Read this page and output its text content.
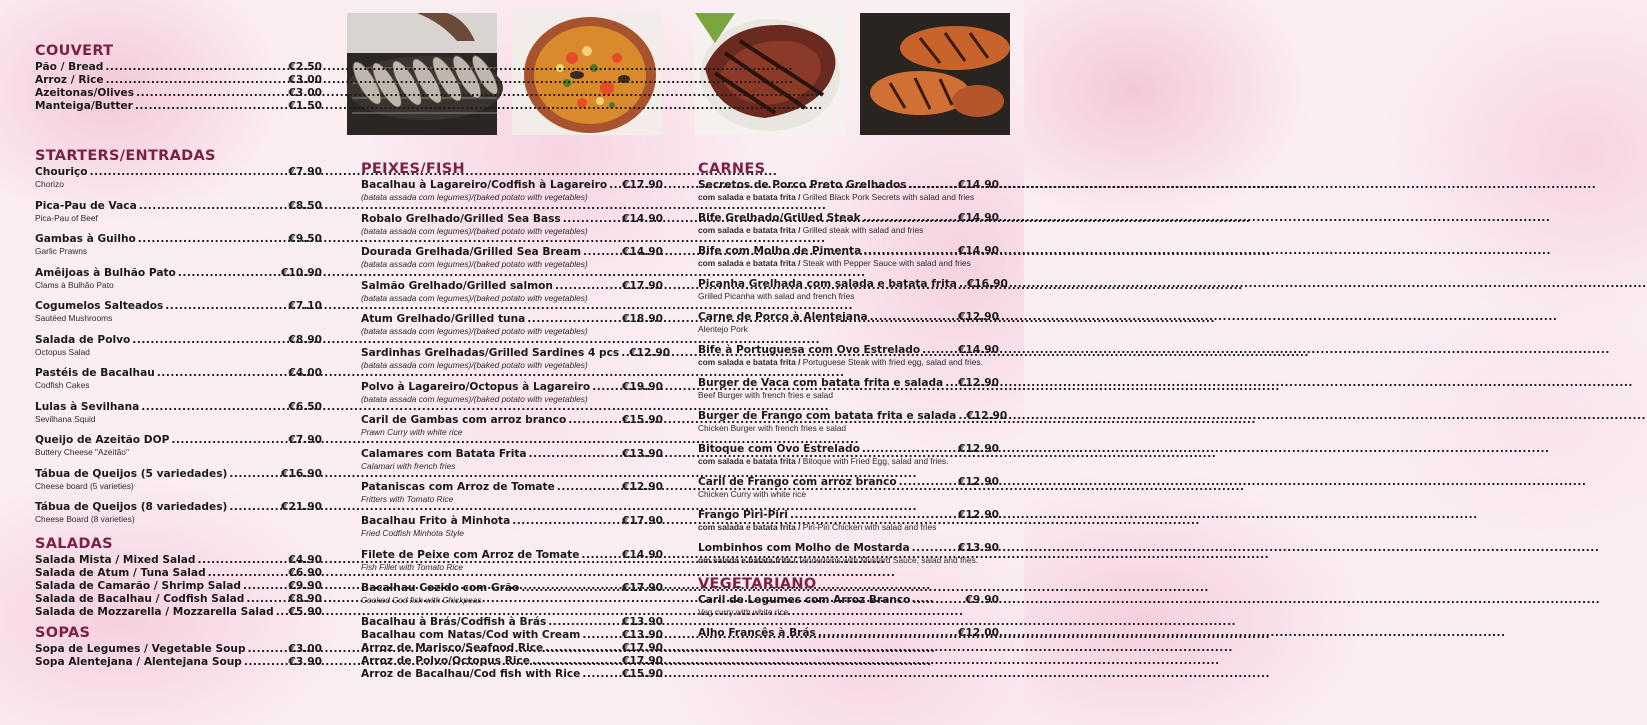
COUVERT
Pão / Bread .....	€2.50
Arroz / Rice .....	€3.00
Azeitonas/Olives .....	€3.00
Manteiga/Butter .....	€1.50
STARTERS/ENTRADAS
Chouriço .....	€7.90
Chorizo
Pica-Pau de Vaca .....	€8.50
Pica-Pau of Beef
Gambas à Guilho .....	€9.50
Garlic Prawns
Amêijoas à Bulhão Pato .....	€10.90
Clams à Bulhão Pato
Cogumelos Salteados .....	€7.10
Sautéed Mushrooms
Salada de Polvo .....	€8.90
Octopus Salad
Pastéis de Bacalhau .....	€4.00
Codfish Cakes
Lulas à Sevilhana .....	€6.50
Sevilhana Squid
Queijo de Azeitão DOP .....	€7.90
Buttery Cheese "Azeitão"
Tábua de Queijos (5 variedades) .....	€16.90
Cheese board (5 varieties)
Tábua de Queijos (8 variedades) .....	€21.90
Cheese Board (8 varieties)
SALADAS
Salada Mista / Mixed Salad .....	€4.90
Salada de Atum / Tuna Salad .....	€6.90
Salada de Camarão / Shrimp Salad .....	€9.90
Salada de Bacalhau / Codfish Salad .....	€8.90
Salada de Mozzarella / Mozzarella Salad ..... €5.90
SOPAS
Sopa de Legumes / Vegetable Soup .....	€3.00
Sopa Alentejana / Alentejana Soup .....	€3.90
PEIXES/FISH
Bacalhau à Lagareiro/Codfish à Lagareiro ..... €17.90
(batata assada com legumes)/(baked potato with vegetables)
Robalo Grelhado/Grilled Sea Bass .....	€14.90
(batata assada com legumes)/(baked potato with vegetables)
Dourada Grelhada/Grilled Sea Bream .....	€14.90
(batata assada com legumes)/(baked potato with vegetables)
Salmão Grelhado/Grilled salmon .....	€17.90
(batata assada com legumes)/(baked potato with vegetables)
Atum Grelhado/Grilled tuna .....	€18.90
(batata assada com legumes)/(baked potato with vegetables)
Sardinhas Grelhadas/Grilled Sardines 4 pcs ..... €12.90
(batata assada com legumes)/(baked potato with vegetables)
Polvo à Lagareiro/Octopus à Lagareiro .....	€19.90
(batata assada com legumes)/(baked potato with vegetables)
Caril de Gambas com arroz branco .....	€15.90
Prawn Curry with white rice
Calamares com Batata Frita .....	€13.90
Calamari with french fries
Pataniscas com Arroz de Tomate .....	€12.90
Fritters with Tomato Rice
Bacalhau Frito à Minhota .....	€17.90
Fried Codfish Minhota Style
Filete de Peixe com Arroz de Tomate .....	€14.90
Fish Fillet with Tomato Rice
Bacalhau Cozido com Grão .....	€17.90
Cooked Cod fish with Chickpeas
Bacalhau à Brás/Codfish à Brás .....	€13.90
Bacalhau com Natas/Cod with Cream .....	€13.90
Arroz de Marisco/Seafood Rice .....	€17.90
Arroz de Polvo/Octopus Rice .....	€17.90
Arroz de Bacalhau/Cod fish with Rice .....	€15.90
CARNES
Secretos de Porco Preto Grelhados .....	€14.90
com salada e batata frita / Grilled Black Pork Secrets with salad and fries
Bife Grelhado/Grilled Steak .....	€14.90
com salada e batata frita / Grilled steak with salad and fries
Bife com Molho de Pimenta .....	€14.90
com salada e batata frita / Steak with Pepper Sauce with salad and fries
Picanha Grelhada com salada e batata frita ..... €16.90
Grilled Picanha with salad and french fries
Carne de Porco à Alentejana .....	€12.90
Alentejo Pork
Bife à Portuguesa com Ovo Estrelado .....	€14.90
com salada e batata frita / Portuguese Steak with fried egg, salad and fries.
Burger de Vaca com batata frita e salada ..... €12.90
Beef Burger with french fries e salad
Burger de Frango com batata frita e salada ..... €12.90
Chicken Burger with french fries e salad
Bitoque com Ovo Estrelado .....	€12.90
com salada e batata frita / Bitoque with Fried Egg, salad and fries.
Caril de Frango com arroz branco .....	€12.90
Chicken Curry with white rice
Frango Piri-Piri .....	€12.90
com salada e batata frita / Piri-Piri Chicken with salad and fries
Lombinhos com Molho de Mostarda .....	€13.90
om salada e batata frita / Tenderloins with Mustard Sauce, salad and fries.
VEGETARIANO
Caril de Legumes com Arroz Branco .....	€9.90
Veg curry with white rice
Alho Francês à Brás .....	€12.00
